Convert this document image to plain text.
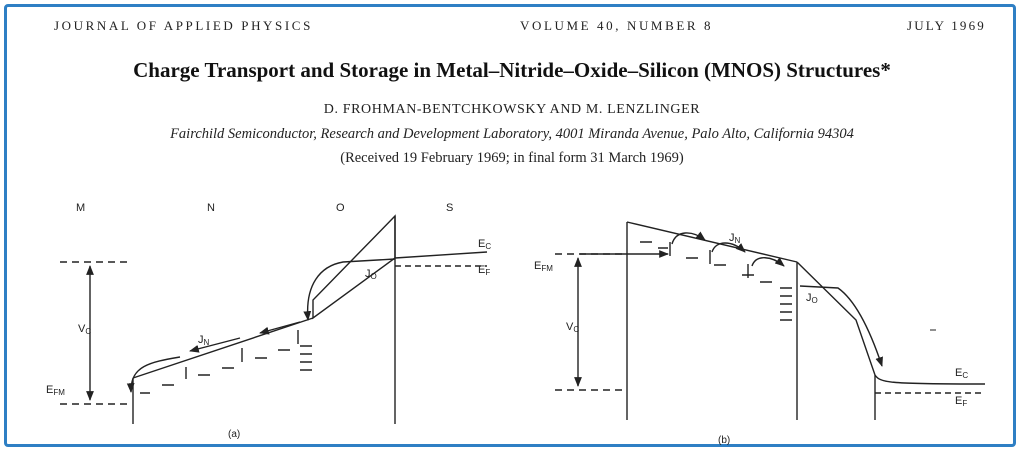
JOURNAL OF APPLIED PHYSICS	VOLUME 40, NUMBER 8	JULY 1969
Charge Transport and Storage in Metal–Nitride–Oxide–Silicon (MNOS) Structures*
D. FROHMAN-BENTCHKOWSKY AND M. LENZLINGER
Fairchild Semiconductor, Research and Development Laboratory, 4001 Miranda Avenue, Palo Alto, California 94304
(Received 19 February 1969; in final form 31 March 1969)
M	N	O	S
EC
EF
JO
JN
VC
EFM
(a)
EC
EF
JO
JN
VC
EFM
(b)
